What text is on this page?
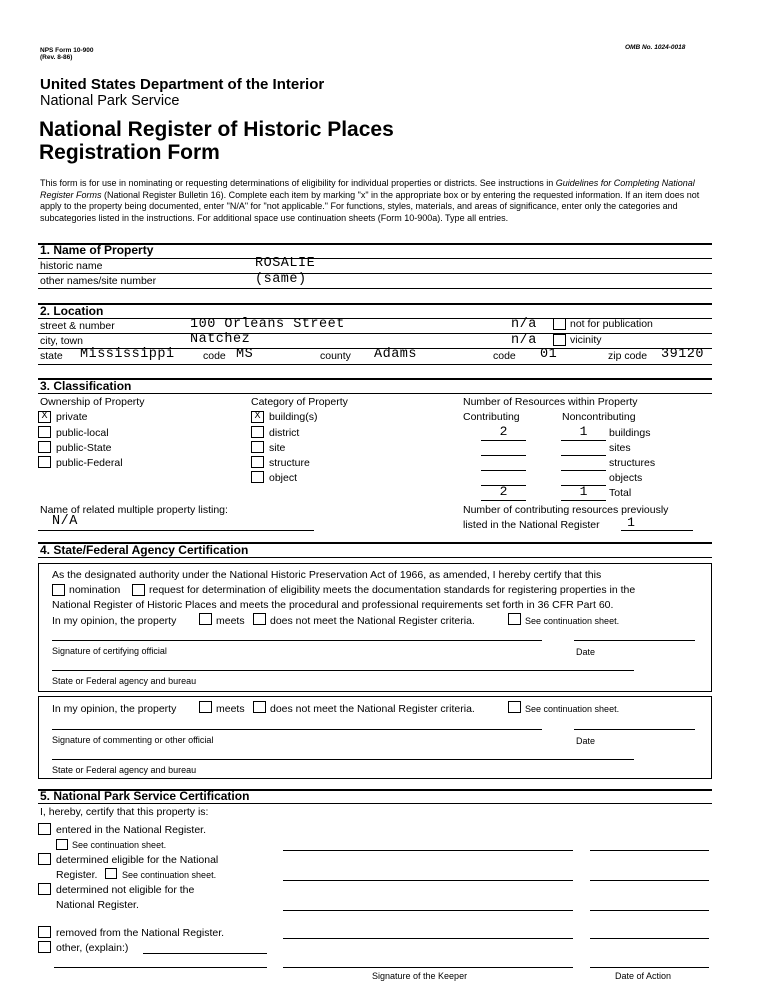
NPS Form 10-900
(Rev. 8-86)
OMB No. 1024-0018
United States Department of the Interior
National Park Service
National Register of Historic Places
Registration Form
This form is for use in nominating or requesting determinations of eligibility for individual properties or districts. See instructions in Guidelines for Completing National Register Forms (National Register Bulletin 16). Complete each item by marking "x" in the appropriate box or by entering the requested information. If an item does not apply to the property being documented, enter "N/A" for "not applicable." For functions, styles, materials, and areas of significance, enter only the categories and subcategories listed in the instructions. For additional space use continuation sheets (Form 10-900a). Type all entries.
1. Name of Property
historic name	ROSALIE
other names/site number	(same)
2. Location
street & number	100 Orleans Street	n/a	not for publication
city, town	Natchez	n/a	vicinity
state Mississippi	code MS	county Adams	code 01	zip code 39120
3. Classification
Ownership of Property	Category of Property	Number of Resources within Property
X private
public-local
public-State
public-Federal
X building(s)
district
site
structure
object
Contributing	Noncontributing
2	1	buildings
sites
structures
objects
2	1	Total
Name of related multiple property listing:
N/A
Number of contributing resources previously
listed in the National Register	1
4. State/Federal Agency Certification
As the designated authority under the National Historic Preservation Act of 1966, as amended, I hereby certify that this
nomination	request for determination of eligibility meets the documentation standards for registering properties in the
National Register of Historic Places and meets the procedural and professional requirements set forth in 36 CFR Part 60.
In my opinion, the property	meets does not meet the National Register criteria.	See continuation sheet.
Signature of certifying official	Date
State or Federal agency and bureau
In my opinion, the property	meets does not meet the National Register criteria.	See continuation sheet.
Signature of commenting or other official	Date
State or Federal agency and bureau
5. National Park Service Certification
I, hereby, certify that this property is:
entered in the National Register.
See continuation sheet.
determined eligible for the National
Register.	See continuation sheet.
determined not eligible for the
National Register.
removed from the National Register.
other, (explain:)
Signature of the Keeper	Date of Action
